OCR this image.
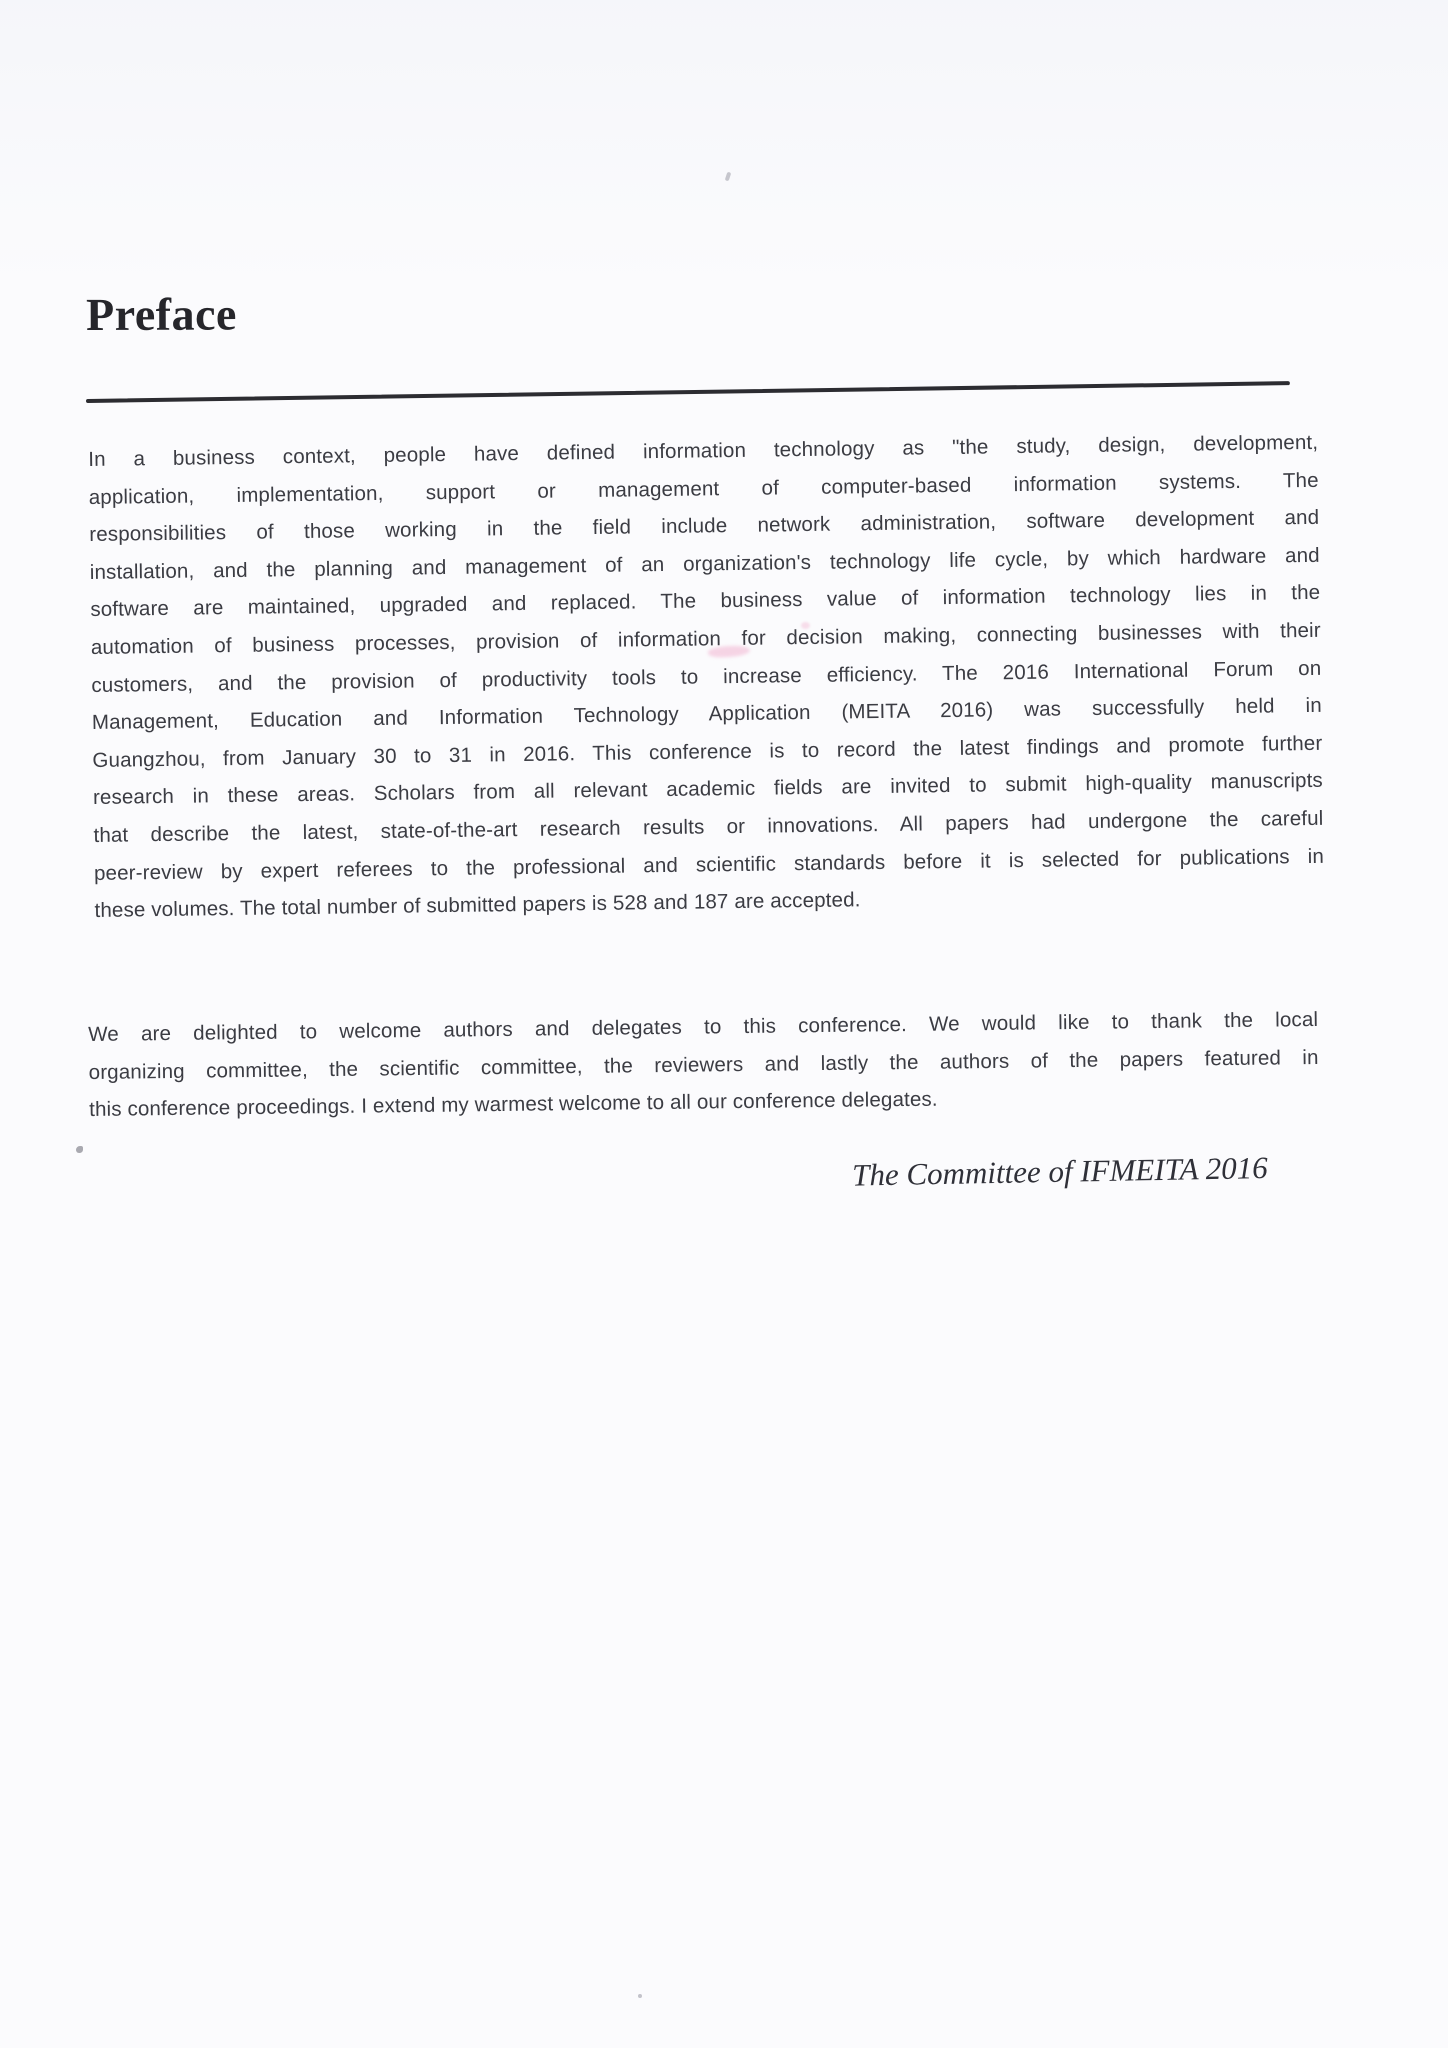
Preface
In a business context, people have defined information technology as "the study, design, development,
application, implementation, support or management of computer-based information systems. The
responsibilities of those working in the field include network administration, software development and
installation, and the planning and management of an organization's technology life cycle, by which hardware and
software are maintained, upgraded and replaced. The business value of information technology lies in the
automation of business processes, provision of information for decision making, connecting businesses with their
customers, and the provision of productivity tools to increase efficiency. The 2016 International Forum on
Management, Education and Information Technology Application (MEITA 2016) was successfully held in
Guangzhou, from January 30 to 31 in 2016. This conference is to record the latest findings and promote further
research in these areas. Scholars from all relevant academic fields are invited to submit high-quality manuscripts
that describe the latest, state-of-the-art research results or innovations. All papers had undergone the careful
peer-review by expert referees to the professional and scientific standards before it is selected for publications in
these volumes. The total number of submitted papers is 528 and 187 are accepted.
We are delighted to welcome authors and delegates to this conference. We would like to thank the local
organizing committee, the scientific committee, the reviewers and lastly the authors of the papers featured in
this conference proceedings. I extend my warmest welcome to all our conference delegates.
The Committee of IFMEITA 2016
